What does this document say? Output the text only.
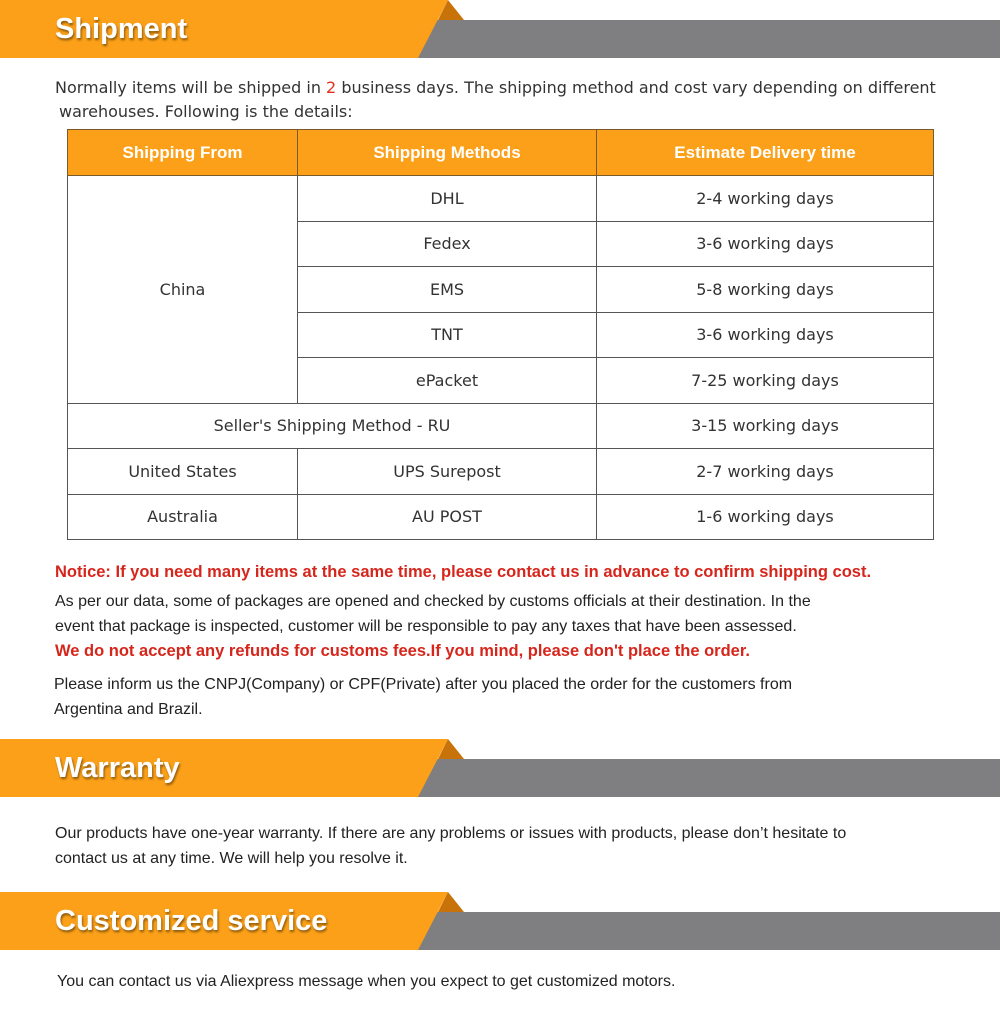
Shipment
Normally items will be shipped in 2 business days. The shipping method and cost vary depending on different
warehouses. Following is the details:
Shipping From	Shipping Methods	Estimate Delivery time
China	DHL	2-4 working days
	Fedex	3-6 working days
	EMS	5-8 working days
	TNT	3-6 working days
	ePacket	7-25 working days
Seller's Shipping Method - RU		3-15 working days
United States	UPS Surepost	2-7 working days
Australia	AU POST	1-6 working days
Notice: If you need many items at the same time, please contact us in advance to confirm shipping cost.
As per our data, some of packages are opened and checked by customs officials at their destination. In the
event that package is inspected, customer will be responsible to pay any taxes that have been assessed.
We do not accept any refunds for customs fees.If you mind, please don't place the order.
Please inform us the CNPJ(Company) or CPF(Private) after you placed the order for the customers from
Argentina and Brazil.
Warranty
Our products have one-year warranty. If there are any problems or issues with products, please don’t hesitate to
contact us at any time. We will help you resolve it.
Customized service
You can contact us via Aliexpress message when you expect to get customized motors.
